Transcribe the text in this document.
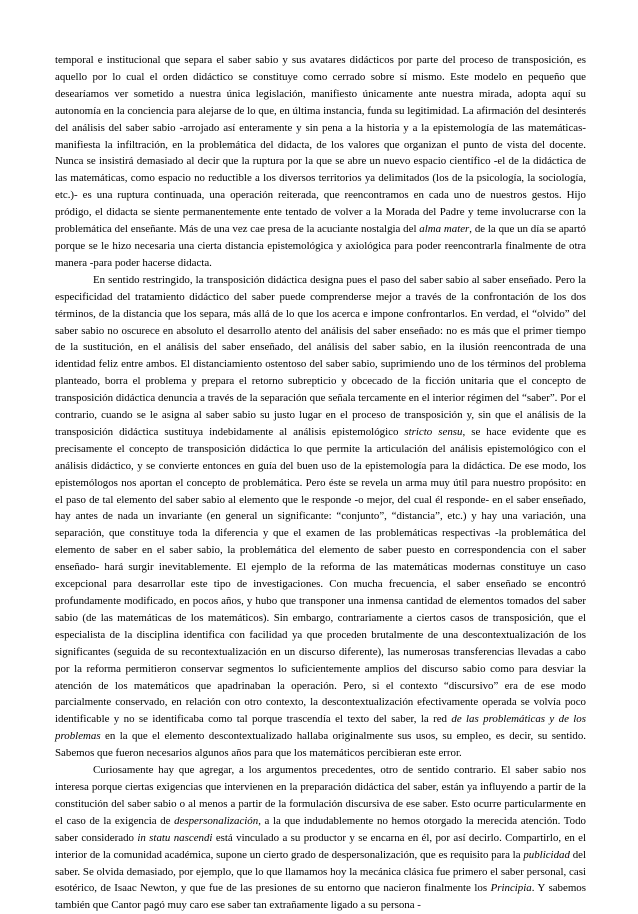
temporal e institucional que separa el saber sabio y sus avatares didácticos por parte del proceso de transposición, es aquello por lo cual el orden didáctico se constituye como cerrado sobre sí mismo. Este modelo en pequeño que desearíamos ver sometido a nuestra única legislación, manifiesto únicamente ante nuestra mirada, adopta aquí su autonomía en la conciencia para alejarse de lo que, en última instancia, funda su legitimidad. La afirmación del desinterés del análisis del saber sabio -arrojado así enteramente y sin pena a la historia y a la epistemología de las matemáticas- manifiesta la infiltración, en la problemática del didacta, de los valores que organizan el punto de vista del docente. Nunca se insistirá demasiado al decir que la ruptura por la que se abre un nuevo espacio científico -el de la didáctica de las matemáticas, como espacio no reductible a los diversos territorios ya delimitados (los de la psicología, la sociología, etc.)- es una ruptura continuada, una operación reiterada, que reencontramos en cada uno de nuestros gestos. Hijo pródigo, el didacta se siente permanentemente ente tentado de volver a la Morada del Padre y teme involucrarse con la problemática del enseñante. Más de una vez cae presa de la acuciante nostalgia del alma mater, de la que un día se apartó porque se le hizo necesaria una cierta distancia epistemológica y axiológica para poder reencontrarla finalmente de otra manera -para poder hacerse didacta.

En sentido restringido, la transposición didáctica designa pues el paso del saber sabio al saber enseñado. Pero la especificidad del tratamiento didáctico del saber puede comprenderse mejor a través de la confrontación de los dos términos, de la distancia que los separa, más allá de lo que los acerca e impone confrontarlos. En verdad, el “olvido” del saber sabio no oscurece en absoluto el desarrollo atento del análisis del saber enseñado: no es más que el primer tiempo de la sustitución, en el análisis del saber enseñado, del análisis del saber sabio, en la ilusión reencontrada de una identidad feliz entre ambos. El distanciamiento ostentoso del saber sabio, suprimiendo uno de los términos del problema planteado, borra el problema y prepara el retorno subrepticio y obcecado de la ficción unitaria que el concepto de transposición didáctica denuncia a través de la separación que señala tercamente en el interior régimen del “saber”. Por el contrario, cuando se le asigna al saber sabio su justo lugar en el proceso de transposición y, sin que el análisis de la transposición didáctica sustituya indebidamente al análisis epistemológico stricto sensu, se hace evidente que es precisamente el concepto de transposición didáctica lo que permite la articulación del análisis epistemológico con el análisis didáctico, y se convierte entonces en guía del buen uso de la epistemología para la didáctica. De ese modo, los epistemólogos nos aportan el concepto de problemática. Pero éste se revela un arma muy útil para nuestro propósito: en el paso de tal elemento del saber sabio al elemento que le responde -o mejor, del cual él responde- en el saber enseñado, hay antes de nada un invariante (en general un significante: “conjunto”, “distancia”, etc.) y hay una variación, una separación, que constituye toda la diferencia y que el examen de las problemáticas respectivas -la problemática del elemento de saber en el saber sabio, la problemática del elemento de saber puesto en correspondencia con el saber enseñado- hará surgir inevitablemente. El ejemplo de la reforma de las matemáticas modernas constituye un caso excepcional para desarrollar este tipo de investigaciones. Con mucha frecuencia, el saber enseñado se encontró profundamente modificado, en pocos años, y hubo que transponer una inmensa cantidad de elementos tomados del saber sabio (de las matemáticas de los matemáticos). Sin embargo, contrariamente a ciertos casos de transposición, que el especialista de la disciplina identifica con facilidad ya que proceden brutalmente de una descontextualización de los significantes (seguida de su recontextualización en un discurso diferente), las numerosas transferencias llevadas a cabo por la reforma permitieron conservar segmentos lo suficientemente amplios del discurso sabio como para desviar la atención de los matemáticos que apadrinaban la operación. Pero, si el contexto “discursivo” era de ese modo parcialmente conservado, en relación con otro contexto, la descontextualización efectivamente operada se volvía poco identificable y no se identificaba como tal porque trascendía el texto del saber, la red de las problemáticas y de los problemas en la que el elemento descontextualizado hallaba originalmente sus usos, su empleo, es decir, su sentido. Sabemos que fueron necesarios algunos años para que los matemáticos percibieran este error.

Curiosamente hay que agregar, a los argumentos precedentes, otro de sentido contrario. El saber sabio nos interesa porque ciertas exigencias que intervienen en la preparación didáctica del saber, están ya influyendo a partir de la constitución del saber sabio o al menos a partir de la formulación discursiva de ese saber. Esto ocurre particularmente en el caso de la exigencia de despersonalización, a la que indudablemente no hemos otorgado la merecida atención. Todo saber considerado in statu nascendi está vinculado a su productor y se encarna en él, por así decirlo. Compartirlo, en el interior de la comunidad académica, supone un cierto grado de despersonalización, que es requisito para la publicidad del saber. Se olvida demasiado, por ejemplo, que lo que llamamos hoy la mecánica clásica fue primero el saber personal, casi esotérico, de Isaac Newton, y que fue de las presiones de su entorno que nacieron finalmente los Principia. Y sabemos también que Cantor pagó muy caro ese saber tan extrañamente ligado a su persona -
